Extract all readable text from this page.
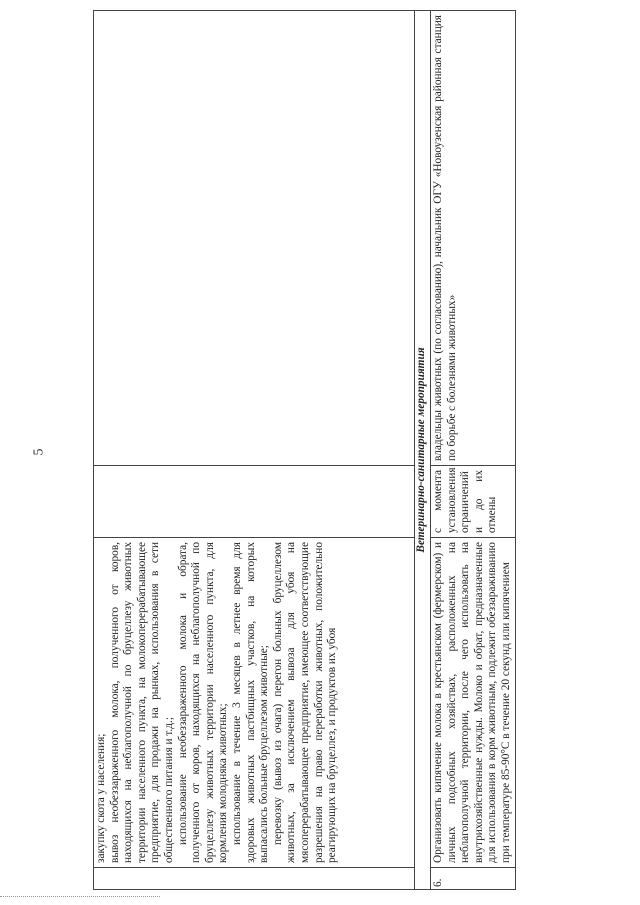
5

	закупку скота у населения; вывоз необеззараженного молока, полученного от коров, находящихся на неблагополучной по бруцеллезу животных территории населенного пункта, на молокоперерабатывающее предприятие, для продажи на рынках, использования в сети общественного питания и т.д.; использование необеззараженного молока и обрата, полученного от коров, находящихся на неблагополучной по бруцеллезу животных территории населенного пункта, для кормления молодняка животных; использование в течение 3 месяцев в летнее время для здоровых животных пастбищных участков, на которых выпасались больные бруцеллезом животные; перевозку (вывоз из очага) перегон больных бруцеллезом животных, за исключением вывоза для убоя на мясоперерабатывающее предприятие, имеющее соответствующие разрешения на право переработки животных, положительно реагирующих на бруцеллез, и продуктов их убоя		

Ветеринарно-санитарные мероприятия			
6.	Организовать кипячение молока в крестьянском (фермерском) и личных подсобных хозяйствах, расположенных на неблагополучной территории, после чего использовать на внутрихозяйственные нужды. Молоко и обрат, предназначенные для использования в корм животным, подлежит обеззараживанию при температуре 85-90°С в течение 20 секунд или кипячением	с момента установления ограничений и до их отмены	владельцы животных (по согласованию), начальник ОГУ «Новоузенская районная станция по борьбе с болезнями животных»
